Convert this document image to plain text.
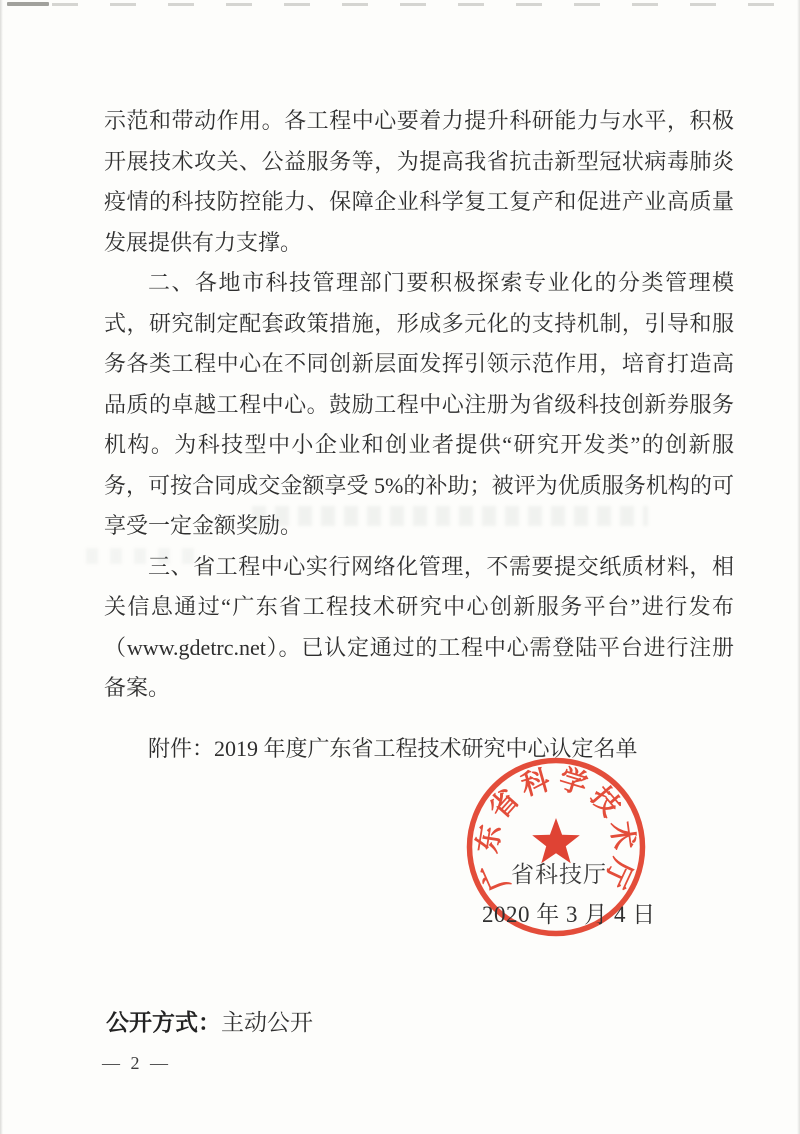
示范和带动作用。各工程中心要着力提升科研能力与水平，积极开展技术攻关、公益服务等，为提高我省抗击新型冠状病毒肺炎疫情的科技防控能力、保障企业科学复工复产和促进产业高质量发展提供有力支撑。

二、各地市科技管理部门要积极探索专业化的分类管理模式，研究制定配套政策措施，形成多元化的支持机制，引导和服务各类工程中心在不同创新层面发挥引领示范作用，培育打造高品质的卓越工程中心。鼓励工程中心注册为省级科技创新券服务机构。为科技型中小企业和创业者提供“研究开发类”的创新服务，可按合同成交金额享受 5%的补助；被评为优质服务机构的可享受一定金额奖励。

三、省工程中心实行网络化管理，不需要提交纸质材料，相关信息通过“广东省工程技术研究中心创新服务平台”进行发布（www.gdetrc.net）。已认定通过的工程中心需登陆平台进行注册备案。

附件：2019 年度广东省工程技术研究中心认定名单
广东省科学技术厅
省科技厅
2020 年 3 月 4 日
公开方式：主动公开
— 2 —
